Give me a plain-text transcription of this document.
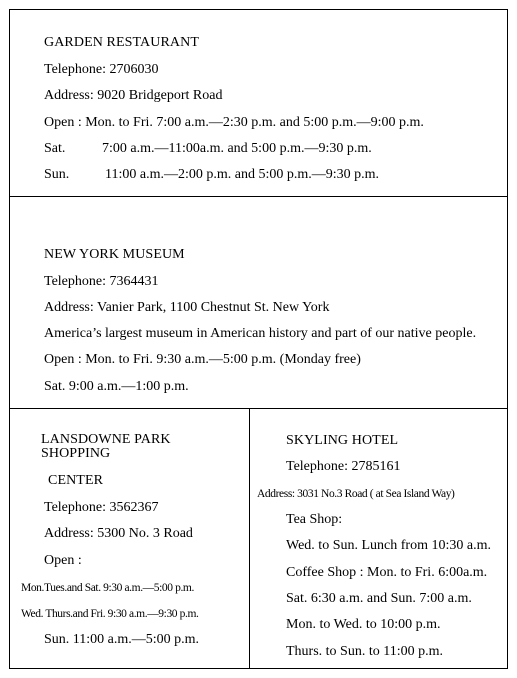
GARDEN RESTAURANT

Telephone: 2706030

Address: 9020 Bridgeport Road

Open : Mon. to Fri. 7:00 a.m.—2:30 p.m. and 5:00 p.m.—9:00 p.m.

Sat.	7:00 a.m.—11:00a.m. and 5:00 p.m.—9:30 p.m.

Sun.	11:00 a.m.—2:00 p.m. and 5:00 p.m.—9:30 p.m.

NEW YORK MUSEUM

Telephone: 7364431

Address: Vanier Park, 1100 Chestnut St. New York

America’s largest museum in American history and part of our native people.

Open : Mon. to Fri. 9:30 a.m.—5:00 p.m. (Monday free)

Sat. 9:00 a.m.—1:00 p.m.

LANSDOWNE PARK

SHOPPING

CENTER

Telephone: 3562367

Address: 5300 No. 3 Road

Open :

Mon.Tues.and Sat. 9:30 a.m.—5:00 p.m.

Wed. Thurs.and Fri. 9:30 a.m.—9:30 p.m.

Sun. 11:00 a.m.—5:00 p.m.

SKYLING HOTEL

Telephone: 2785161

Address: 3031 No.3 Road ( at Sea Island Way)

Tea Shop:

Wed. to Sun. Lunch from 10:30 a.m.

Coffee Shop : Mon. to Fri. 6:00a.m.

Sat. 6:30 a.m. and Sun. 7:00 a.m.

Mon. to Wed. to 10:00 p.m.

Thurs. to Sun. to 11:00 p.m.
